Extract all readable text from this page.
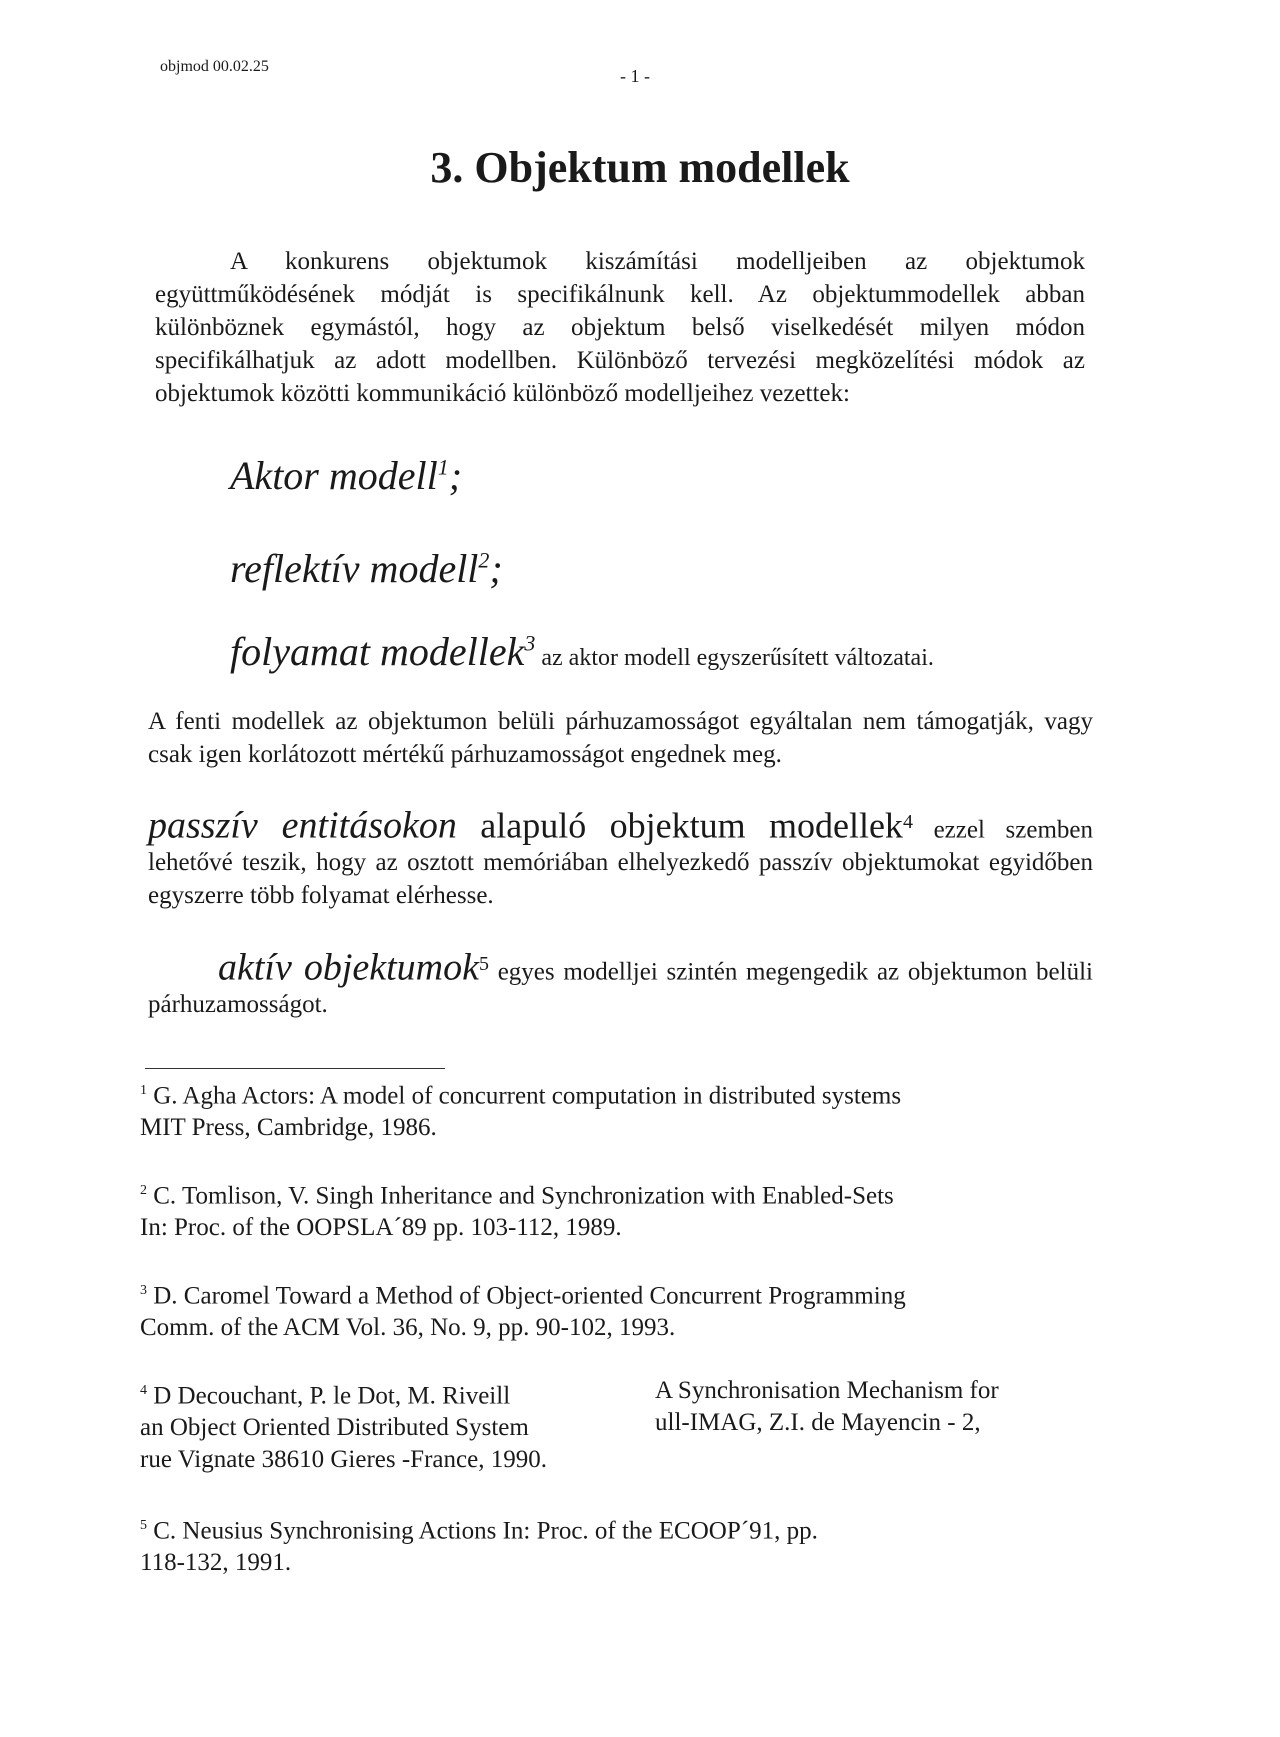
objmod 00.02.25	- 1 -
3. Objektum modellek

A konkurens objektumok kiszámítási modelljeiben az objektumok együttműködésének módját is specifikálnunk kell. Az objektummodellek abban különböznek egymástól, hogy az objektum belső viselkedését milyen módon specifikálhatjuk az adott modellben. Különböző tervezési megközelítési módok az objektumok közötti kommunikáció különböző modelljeihez vezettek:

Aktor modell$^1$;
reflektív modell$^2$;
folyamat modellek$^3$ az aktor modell egyszerűsített változatai.

A fenti modellek az objektumon belüli párhuzamosságot egyáltalan nem támogatják, vagy csak igen korlátozott mértékű párhuzamosságot engednek meg.

passzív entitásokon alapuló objektum modellek$^4$ ezzel szemben lehetővé teszik, hogy az osztott memóriában elhelyezkedő passzív objektumokat egyidőben egyszerre több folyamat elérhesse.

aktív objektumok$^5$ egyes modelljei szintén megengedik az objektumon belüli párhuzamosságot.

$^1$ G. Agha Actors: A model of concurrent computation in distributed systems

MIT Press, Cambridge, 1986.

$^2$ C. Tomlison, V. Singh Inheritance and Synchronization with Enabled-Sets

In: Proc. of the OOPSLA´89 pp. 103-112, 1989.

$^3$ D. Caromel Toward a Method of Object-oriented Concurrent Programming

Comm. of the ACM Vol. 36, No. 9, pp. 90-102, 1993.

$^4$ D Decouchant, P. le Dot, M. Riveill

an Object Oriented Distributed System

rue Vignate 38610 Gieres -France, 1990.

A Synchronisation Mechanism for

ull-IMAG, Z.I. de Mayencin - 2,

$^5$ C. Neusius Synchronising Actions In: Proc. of the ECOOP´91, pp.

118-132, 1991.
